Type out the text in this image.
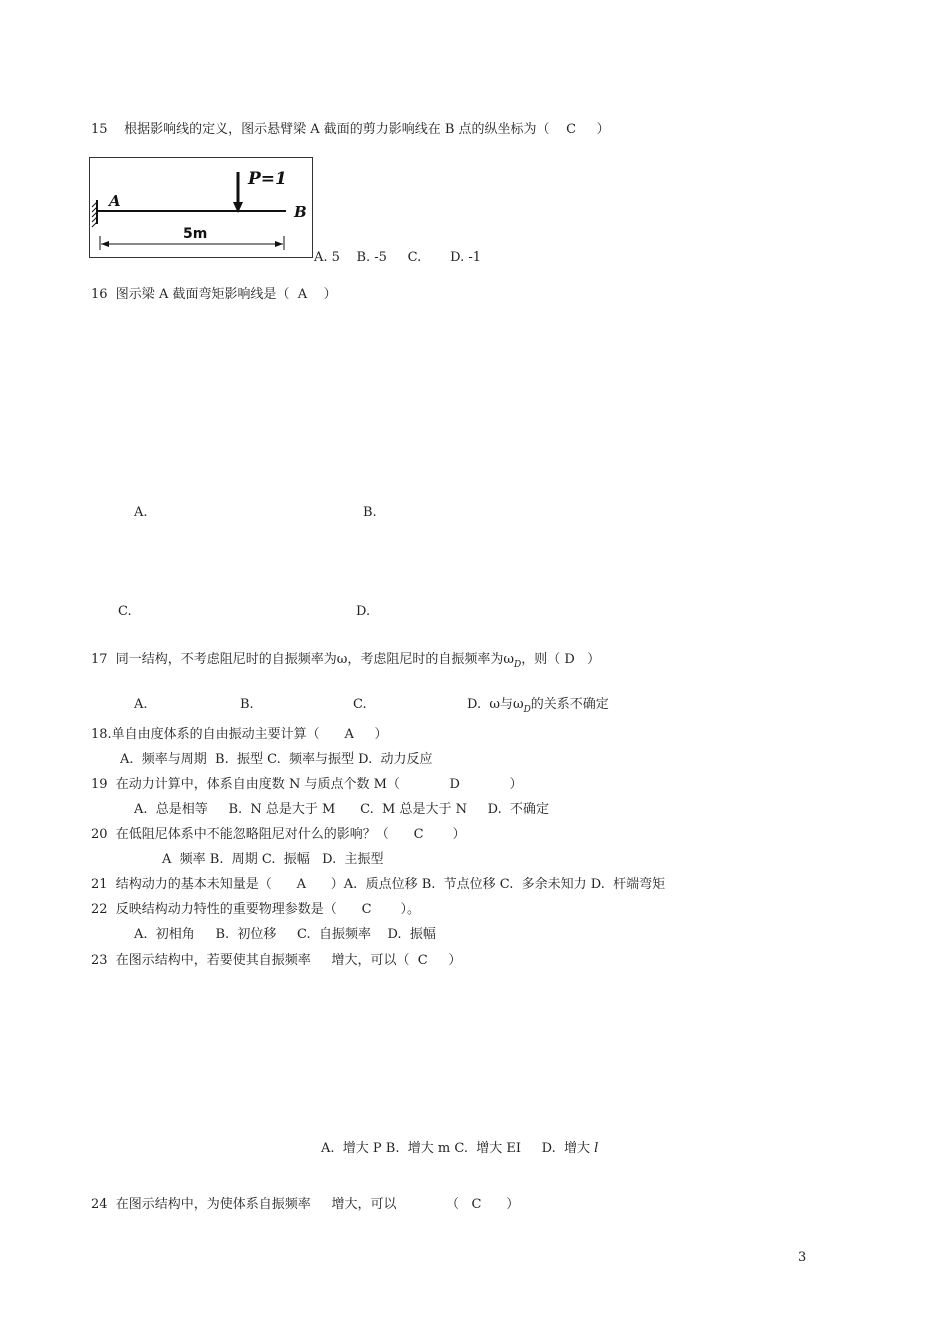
15    根据影响线的定义，图示悬臂梁 A 截面的剪力影响线在 B 点的纵坐标为（    C     ）
P=1
A
B
5m
A. 5    B. -5     C.       D. -1
16  图示梁 A 截面弯矩影响线是（  A    ）
A.	B.
C.	D.
17  同一结构，不考虑阻尼时的自振频率为ω，考虑阻尼时的自振频率为$\omega_D$，则（ D   ）
A.	B.	C.	D.  ω与$\omega_D$的关系不确定
18.单自由度体系的自由振动主要计算（      A     ）
A.  频率与周期  B.  振型 C.  频率与振型 D.  动力反应
19  在动力计算中，体系自由度数 N 与质点个数 M（            D            ）
A.  总是相等     B.  N 总是大于 M      C.  M 总是大于 N     D.  不确定
20  在低阻尼体系中不能忽略阻尼对什么的影响？（      C       ）
A  频率 B.  周期 C.  振幅   D.  主振型
21  结构动力的基本未知量是（      A      ）A.  质点位移 B.  节点位移 C.  多余未知力 D.  杆端弯矩
22  反映结构动力特性的重要物理参数是（      C       ）。
A.  初相角     B.  初位移     C.  自振频率    D.  振幅
23  在图示结构中，若要使其自振频率     增大，可以（  C     ）
A.  增大 P B.  增大 m C.  增大 EI     D.  增大 l
24  在图示结构中，为使体系自振频率     增大，可以            （   C      ）
3
